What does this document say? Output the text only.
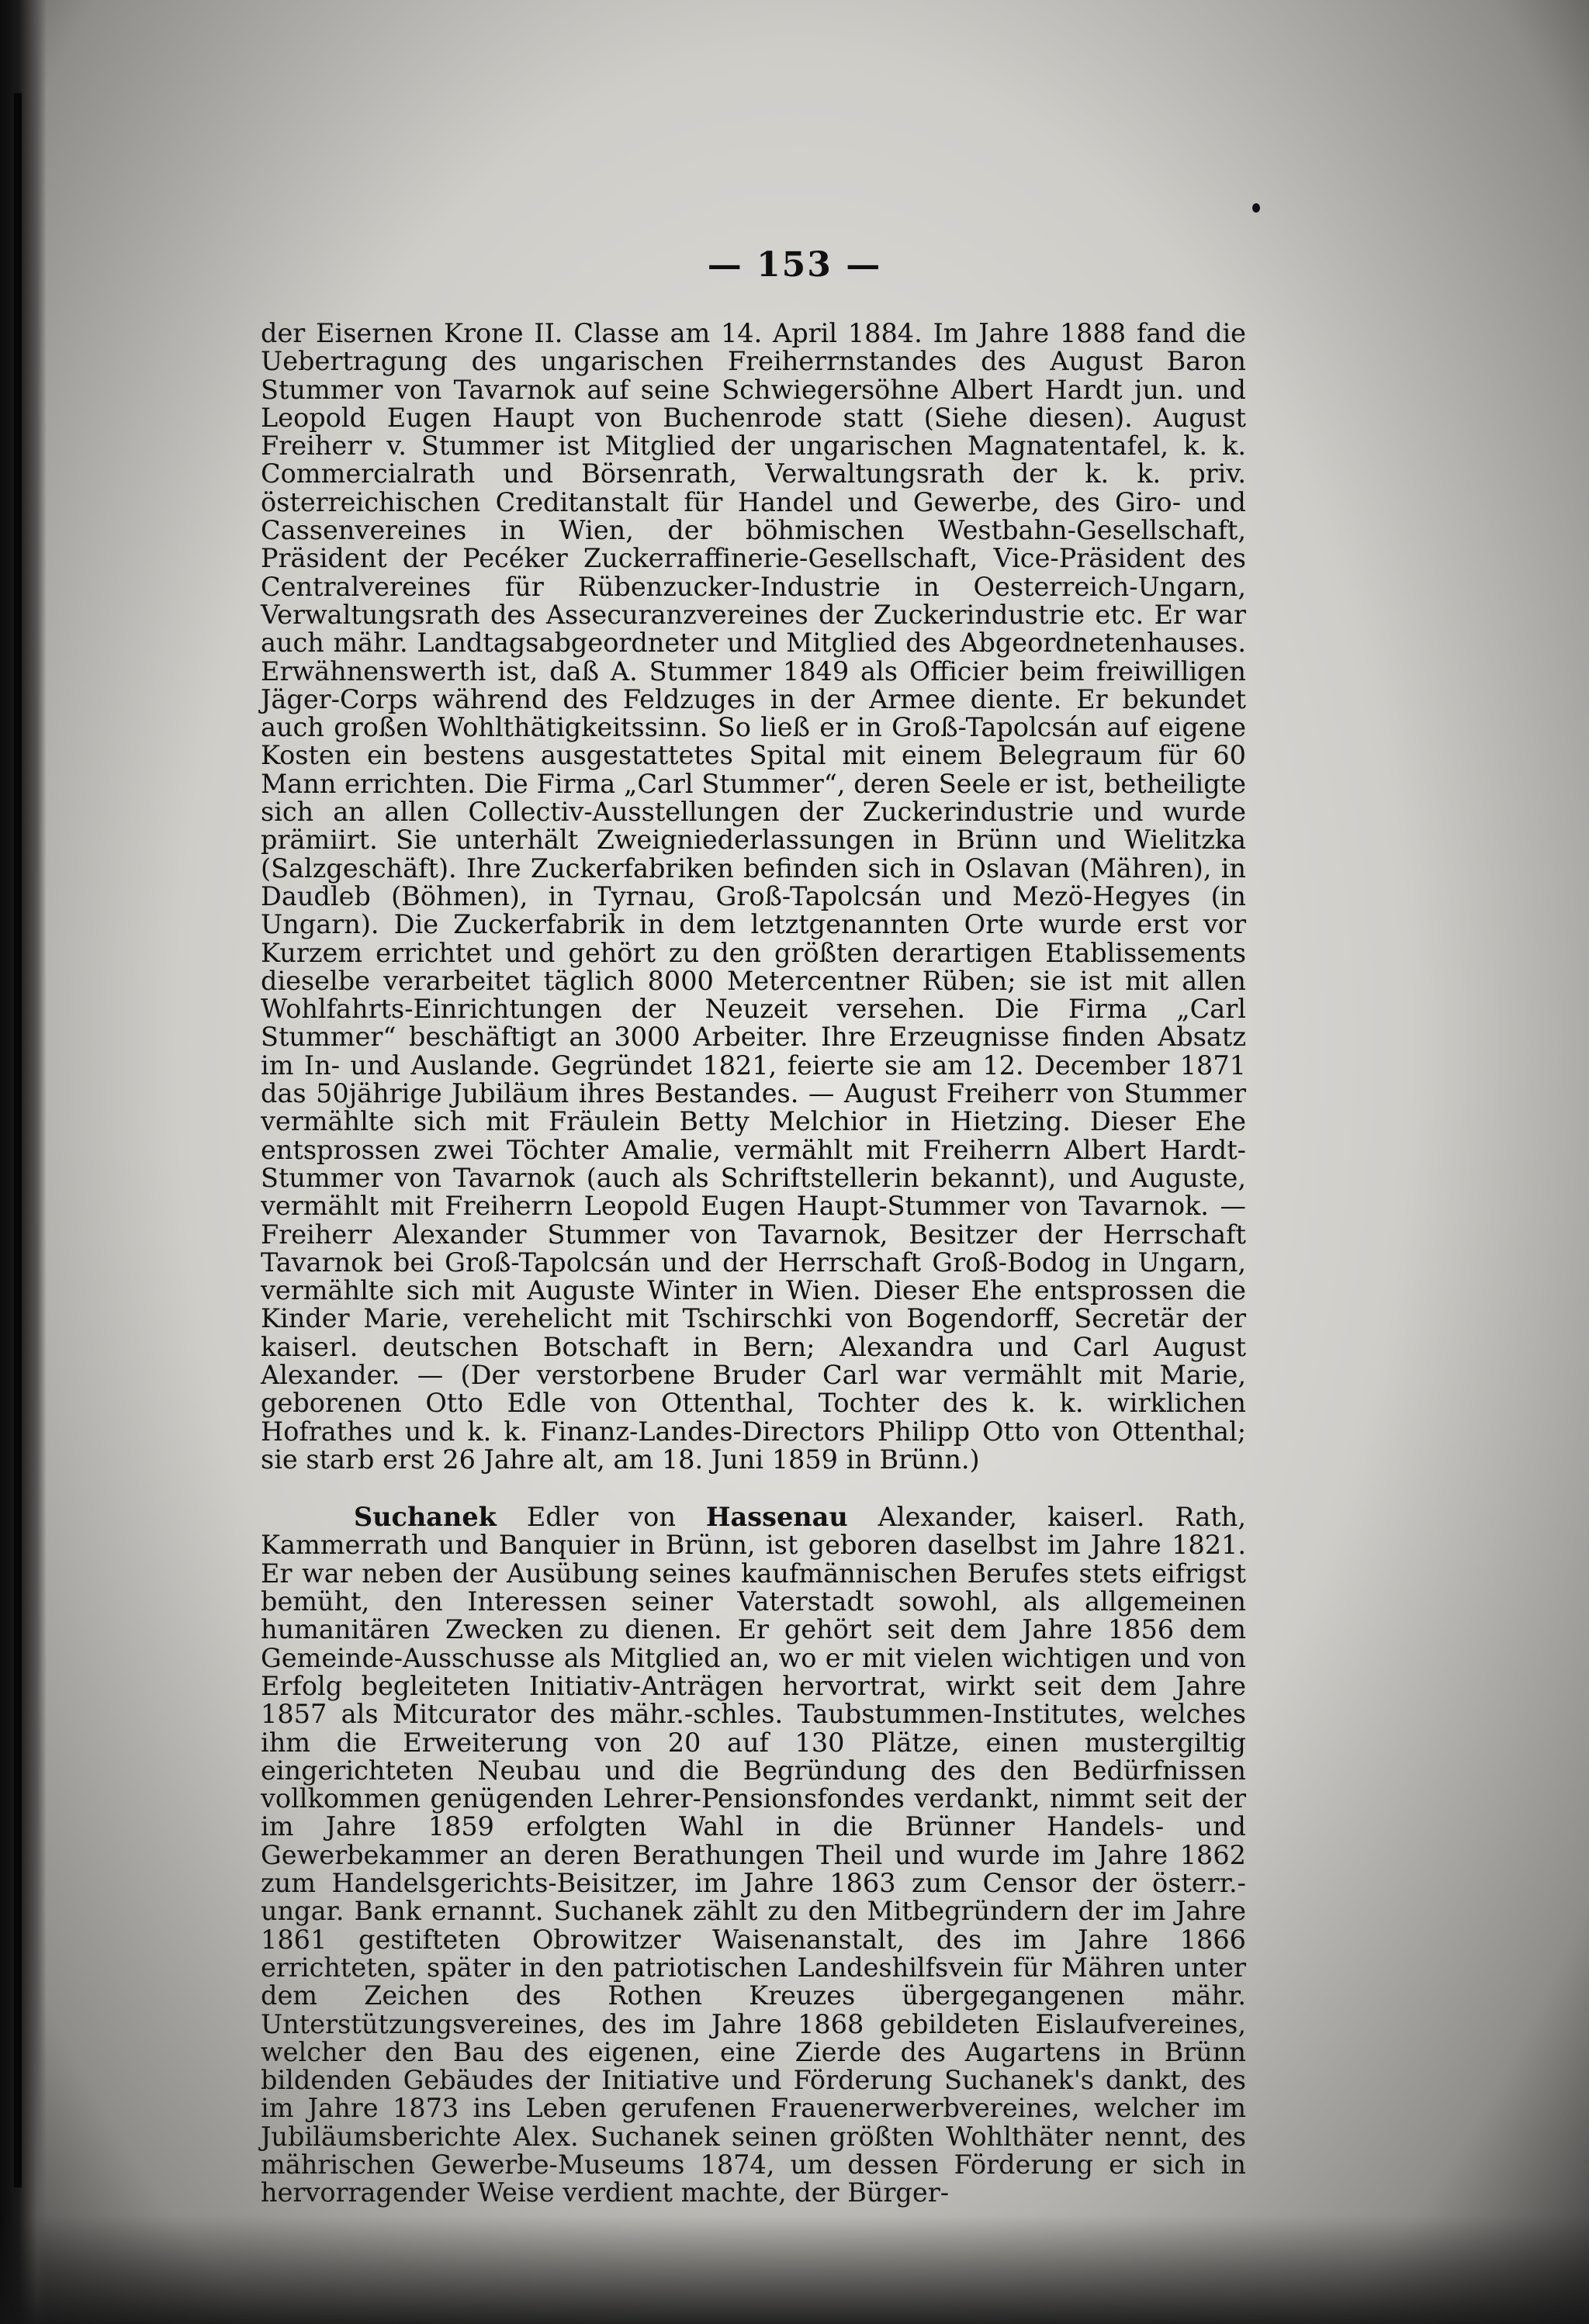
— 153 —

der Eisernen Krone II. Classe am 14. April 1884. Im Jahre 1888 fand die Uebertragung des ungarischen Freiherrnstandes des August Baron Stummer von Tavarnok auf seine Schwiegersöhne Albert Hardt jun. und Leopold Eugen Haupt von Buchenrode statt (Siehe diesen). August Freiherr v. Stummer ist Mitglied der ungarischen Magnatentafel, k. k. Commercialrath und Börsenrath, Verwaltungsrath der k. k. priv. österreichischen Creditanstalt für Handel und Gewerbe, des Giro- und Cassenvereines in Wien, der böhmischen Westbahn-Gesellschaft, Präsident der Pecéker Zuckerraffinerie-Gesellschaft, Vice-Präsident des Centralvereines für Rübenzucker-Industrie in Oesterreich-Ungarn, Verwaltungsrath des Assecuranzvereines der Zuckerindustrie etc. Er war auch mähr. Landtagsabgeordneter und Mitglied des Abgeordnetenhauses. Erwähnenswerth ist, daß A. Stummer 1849 als Officier beim freiwilligen Jäger-Corps während des Feldzuges in der Armee diente. Er bekundet auch großen Wohlthätigkeitssinn. So ließ er in Groß-Tapolcsán auf eigene Kosten ein bestens ausgestattetes Spital mit einem Belegraum für 60 Mann errichten. Die Firma „Carl Stummer“, deren Seele er ist, betheiligte sich an allen Collectiv-Ausstellungen der Zuckerindustrie und wurde prämiirt. Sie unterhält Zweigniederlassungen in Brünn und Wielitzka (Salzgeschäft). Ihre Zuckerfabriken befinden sich in Oslavan (Mähren), in Daudleb (Böhmen), in Tyrnau, Groß-Tapolcsán und Mezö-Hegyes (in Ungarn). Die Zuckerfabrik in dem letztgenannten Orte wurde erst vor Kurzem errichtet und gehört zu den größten derartigen Etablissements dieselbe verarbeitet täglich 8000 Metercentner Rüben; sie ist mit allen Wohlfahrts-Einrichtungen der Neuzeit versehen. Die Firma „Carl Stummer“ beschäftigt an 3000 Arbeiter. Ihre Erzeugnisse finden Absatz im In- und Auslande. Gegründet 1821, feierte sie am 12. December 1871 das 50jährige Jubiläum ihres Bestandes. — August Freiherr von Stummer vermählte sich mit Fräulein Betty Melchior in Hietzing. Dieser Ehe entsprossen zwei Töchter Amalie, vermählt mit Freiherrn Albert Hardt-Stummer von Tavarnok (auch als Schriftstellerin bekannt), und Auguste, vermählt mit Freiherrn Leopold Eugen Haupt-Stummer von Tavarnok. — Freiherr Alexander Stummer von Tavarnok, Besitzer der Herrschaft Tavarnok bei Groß-Tapolcsán und der Herrschaft Groß-Bodog in Ungarn, vermählte sich mit Auguste Winter in Wien. Dieser Ehe entsprossen die Kinder Marie, verehelicht mit Tschirschki von Bogendorff, Secretär der kaiserl. deutschen Botschaft in Bern; Alexandra und Carl August Alexander. — (Der verstorbene Bruder Carl war vermählt mit Marie, geborenen Otto Edle von Ottenthal, Tochter des k. k. wirklichen Hofrathes und k. k. Finanz-Landes-Directors Philipp Otto von Ottenthal; sie starb erst 26 Jahre alt, am 18. Juni 1859 in Brünn.)

Suchanek Edler von Hassenau Alexander, kaiserl. Rath, Kammerrath und Banquier in Brünn, ist geboren daselbst im Jahre 1821. Er war neben der Ausübung seines kaufmännischen Berufes stets eifrigst bemüht, den Interessen seiner Vaterstadt sowohl, als allgemeinen humanitären Zwecken zu dienen. Er gehört seit dem Jahre 1856 dem Gemeinde-Ausschusse als Mitglied an, wo er mit vielen wichtigen und von Erfolg begleiteten Initiativ-Anträgen hervortrat, wirkt seit dem Jahre 1857 als Mitcurator des mähr.-schles. Taubstummen-Institutes, welches ihm die Erweiterung von 20 auf 130 Plätze, einen mustergiltig eingerichteten Neubau und die Begründung des den Bedürfnissen vollkommen genügenden Lehrer-Pensionsfondes verdankt, nimmt seit der im Jahre 1859 erfolgten Wahl in die Brünner Handels- und Gewerbekammer an deren Berathungen Theil und wurde im Jahre 1862 zum Handelsgerichts-Beisitzer, im Jahre 1863 zum Censor der österr.-ungar. Bank ernannt. Suchanek zählt zu den Mitbegründern der im Jahre 1861 gestifteten Obrowitzer Waisenanstalt, des im Jahre 1866 errichteten, später in den patriotischen Landeshilfsvein für Mähren unter dem Zeichen des Rothen Kreuzes übergegangenen mähr. Unterstützungsvereines, des im Jahre 1868 gebildeten Eislaufvereines, welcher den Bau des eigenen, eine Zierde des Augartens in Brünn bildenden Gebäudes der Initiative und Förderung Suchanek's dankt, des im Jahre 1873 ins Leben gerufenen Frauenerwerbvereines, welcher im Jubiläumsberichte Alex. Suchanek seinen größten Wohlthäter nennt, des mährischen Gewerbe-Museums 1874, um dessen Förderung er sich in hervorragender Weise verdient machte, der Bürger-
